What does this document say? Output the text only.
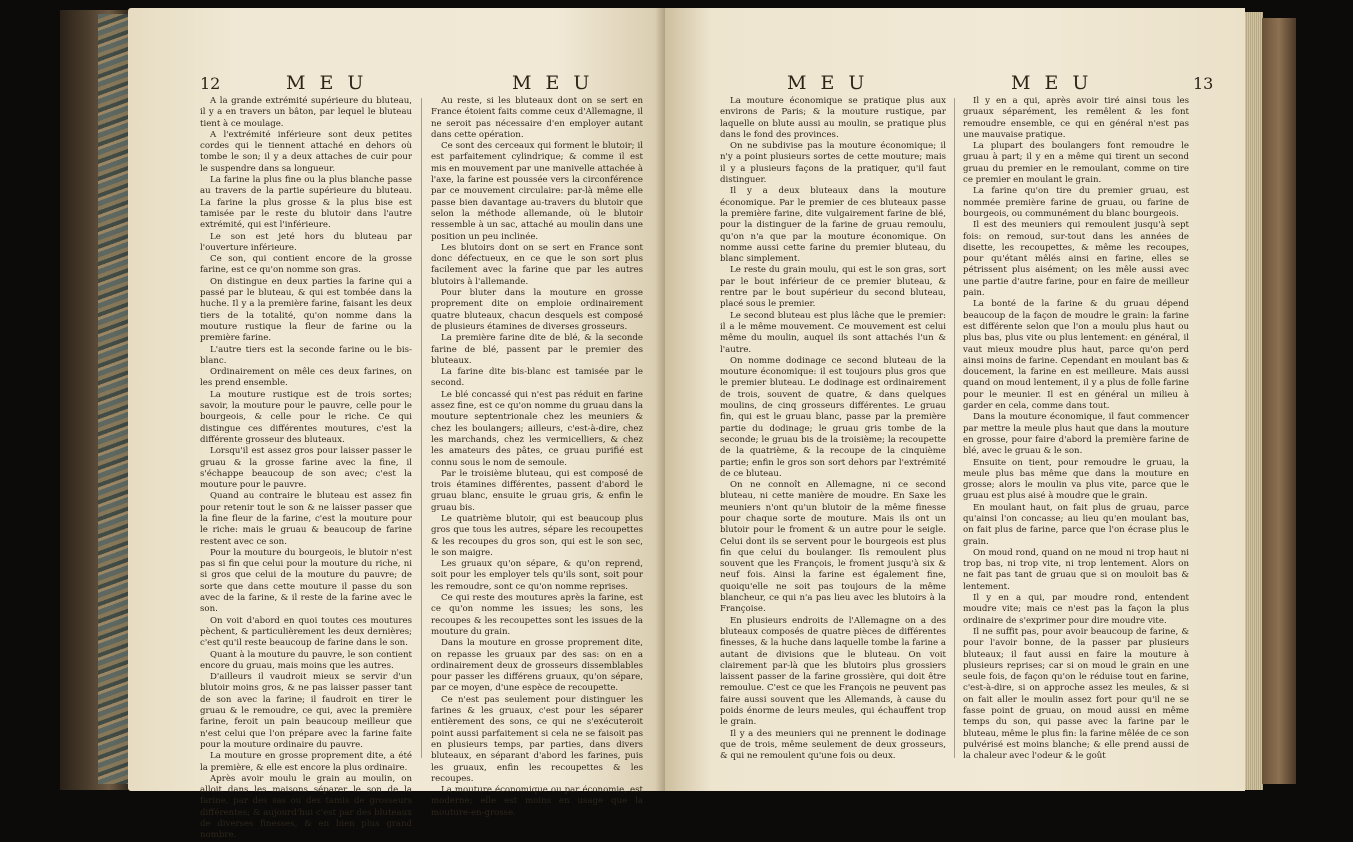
12	M E U	M E U

A la grande extrémité supérieure du bluteau, il y a en travers un bâton, par lequel le bluteau tient à ce moulage.

A l'extrémité inférieure sont deux petites cordes qui le tiennent attaché en dehors où tombe le son; il y a deux attaches de cuir pour le suspendre dans sa longueur.

La farine la plus fine ou la plus blanche passe au travers de la partie supérieure du bluteau. La farine la plus grosse & la plus bise est tamisée par le reste du blutoir dans l'autre extrémité, qui est l'inférieure.

Le son est jeté hors du bluteau par l'ouverture inférieure.

Ce son, qui contient encore de la grosse farine, est ce qu'on nomme son gras.

On distingue en deux parties la farine qui a passé par le bluteau, & qui est tombée dans la huche. Il y a la première farine, faisant les deux tiers de la totalité, qu'on nomme dans la mouture rustique la fleur de farine ou la première farine.

L'autre tiers est la seconde farine ou le bis-blanc.

Ordinairement on mêle ces deux farines, on les prend ensemble.

La mouture rustique est de trois sortes; savoir, la mouture pour le pauvre, celle pour le bourgeois, & celle pour le riche. Ce qui distingue ces différentes moutures, c'est la différente grosseur des bluteaux.

Lorsqu'il est assez gros pour laisser passer le gruau & la grosse farine avec la fine, il s'échappe beaucoup de son avec; c'est la mouture pour le pauvre.

Quand au contraire le bluteau est assez fin pour retenir tout le son & ne laisser passer que la fine fleur de la farine, c'est la mouture pour le riche: mais le gruau & beaucoup de farine restent avec ce son.

Pour la mouture du bourgeois, le blutoir n'est pas si fin que celui pour la mouture du riche, ni si gros que celui de la mouture du pauvre; de sorte que dans cette mouture il passe du son avec de la farine, & il reste de la farine avec le son.

On voit d'abord en quoi toutes ces moutures pèchent, & particulièrement les deux dernières; c'est qu'il reste beaucoup de farine dans le son.

Quant à la mouture du pauvre, le son contient encore du gruau, mais moins que les autres.

D'ailleurs il vaudroit mieux se servir d'un blutoir moins gros, & ne pas laisser passer tant de son avec la farine; il faudroit en tirer le gruau & le remoudre, ce qui, avec la première farine, feroit un pain beaucoup meilleur que n'est celui que l'on prépare avec la farine faite pour la mouture ordinaire du pauvre.

La mouture en grosse proprement dite, a été la première, & elle est encore la plus ordinaire.

Après avoir moulu le grain au moulin, on alloit dans les maisons séparer le son de la farine, par des sas ou des tamis de grosseurs différentes; & aujourd'hui c'est par des bluteaux de diverses finesses, & en bien plus grand nombre.

Au reste, si les bluteaux dont on se sert en France étoient faits comme ceux d'Allemagne, il ne seroit pas nécessaire d'en employer autant dans cette opération.

Ce sont des cerceaux qui forment le blutoir; il est parfaitement cylindrique; & comme il est mis en mouvement par une manivelle attachée à l'axe, la farine est poussée vers la circonférence par ce mouvement circulaire: par-là même elle passe bien davantage au-travers du blutoir que selon la méthode allemande, où le blutoir ressemble à un sac, attaché au moulin dans une position un peu inclinée.

Les blutoirs dont on se sert en France sont donc défectueux, en ce que le son sort plus facilement avec la farine que par les autres blutoirs à l'allemande.

Pour bluter dans la mouture en grosse proprement dite on emploie ordinairement quatre bluteaux, chacun desquels est composé de plusieurs étamines de diverses grosseurs.

La première farine dite de blé, & la seconde farine de blé, passent par le premier des bluteaux.

La farine dite bis-blanc est tamisée par le second.

Le blé concassé qui n'est pas réduit en farine assez fine, est ce qu'on nomme du gruau dans la mouture septentrionale chez les meuniers & chez les boulangers; ailleurs, c'est-à-dire, chez les marchands, chez les vermicelliers, & chez les amateurs des pâtes, ce gruau purifié est connu sous le nom de semoule.

Par le troisième bluteau, qui est composé de trois étamines différentes, passent d'abord le gruau blanc, ensuite le gruau gris, & enfin le gruau bis.

Le quatrième blutoir, qui est beaucoup plus gros que tous les autres, sépare les recoupettes & les recoupes du gros son, qui est le son sec, le son maigre.

Les gruaux qu'on sépare, & qu'on reprend, soit pour les employer tels qu'ils sont, soit pour les remoudre, sont ce qu'on nomme reprises.

Ce qui reste des moutures après la farine, est ce qu'on nomme les issues; les sons, les recoupes & les recoupettes sont les issues de la mouture du grain.

Dans la mouture en grosse proprement dite, on repasse les gruaux par des sas: on en a ordinairement deux de grosseurs dissemblables pour passer les différens gruaux, qu'on sépare, par ce moyen, d'une espèce de recoupette.

Ce n'est pas seulement pour distinguer les farines & les gruaux, c'est pour les séparer entièrement des sons, ce qui ne s'exécuteroit point aussi parfaitement si cela ne se faisoit pas en plusieurs temps, par parties, dans divers bluteaux, en séparant d'abord les farines, puis les gruaux, enfin les recoupettes & les recoupes.

La mouture économique ou par économie, est moderne; elle est moins en usage que la mouture-en-grosse.

M E U	M E U	13

La mouture économique se pratique plus aux environs de Paris; & la mouture rustique, par laquelle on blute aussi au moulin, se pratique plus dans le fond des provinces.

On ne subdivise pas la mouture économique; il n'y a point plusieurs sortes de cette mouture; mais il y a plusieurs façons de la pratiquer, qu'il faut distinguer.

Il y a deux bluteaux dans la mouture économique. Par le premier de ces bluteaux passe la première farine, dite vulgairement farine de blé, pour la distinguer de la farine de gruau remoulu, qu'on n'a que par la mouture économique. On nomme aussi cette farine du premier bluteau, du blanc simplement.

Le reste du grain moulu, qui est le son gras, sort par le bout inférieur de ce premier bluteau, & rentre par le bout supérieur du second bluteau, placé sous le premier.

Le second bluteau est plus lâche que le premier: il a le même mouvement. Ce mouvement est celui même du moulin, auquel ils sont attachés l'un & l'autre.

On nomme dodinage ce second bluteau de la mouture économique: il est toujours plus gros que le premier bluteau. Le dodinage est ordinairement de trois, souvent de quatre, & dans quelques moulins, de cinq grosseurs différentes. Le gruau fin, qui est le gruau blanc, passe par la première partie du dodinage; le gruau gris tombe de la seconde; le gruau bis de la troisième; la recoupette de la quatrième, & la recoupe de la cinquième partie; enfin le gros son sort dehors par l'extrémité de ce bluteau.

On ne connoît en Allemagne, ni ce second bluteau, ni cette manière de moudre. En Saxe les meuniers n'ont qu'un blutoir de la même finesse pour chaque sorte de mouture. Mais ils ont un blutoir pour le froment & un autre pour le seigle. Celui dont ils se servent pour le bourgeois est plus fin que celui du boulanger. Ils remoulent plus souvent que les François, le froment jusqu'à six & neuf fois. Ainsi la farine est également fine, quoiqu'elle ne soit pas toujours de la même blancheur, ce qui n'a pas lieu avec les blutoirs à la Françoise.

En plusieurs endroits de l'Allemagne on a des bluteaux composés de quatre pièces de différentes finesses, & la huche dans laquelle tombe la farine a autant de divisions que le bluteau. On voit clairement par-là que les blutoirs plus grossiers laissent passer de la farine grossière, qui doit être remoulue. C'est ce que les François ne peuvent pas faire aussi souvent que les Allemands, à cause du poids énorme de leurs meules, qui échauffent trop le grain.

Il y a des meuniers qui ne prennent le dodinage que de trois, même seulement de deux grosseurs, & qui ne remoulent qu'une fois ou deux.

Il y en a qui, après avoir tiré ainsi tous les gruaux séparément, les remêlent & les font remoudre ensemble, ce qui en général n'est pas une mauvaise pratique.

La plupart des boulangers font remoudre le gruau à part; il y en a même qui tirent un second gruau du premier en le remoulant, comme on tire ce premier en moulant le grain.

La farine qu'on tire du premier gruau, est nommée première farine de gruau, ou farine de bourgeois, ou communément du blanc bourgeois.

Il est des meuniers qui remoulent jusqu'à sept fois: on remoud, sur-tout dans les années de disette, les recoupettes, & même les recoupes, pour qu'étant mêlés ainsi en farine, elles se pétrissent plus aisément; on les mêle aussi avec une partie d'autre farine, pour en faire de meilleur pain.

La bonté de la farine & du gruau dépend beaucoup de la façon de moudre le grain: la farine est différente selon que l'on a moulu plus haut ou plus bas, plus vite ou plus lentement: en général, il vaut mieux moudre plus haut, parce qu'on perd ainsi moins de farine. Cependant en moulant bas & doucement, la farine en est meilleure. Mais aussi quand on moud lentement, il y a plus de folle farine pour le meunier. Il est en général un milieu à garder en cela, comme dans tout.

Dans la mouture économique, il faut commencer par mettre la meule plus haut que dans la mouture en grosse, pour faire d'abord la première farine de blé, avec le gruau & le son.

Ensuite on tient, pour remoudre le gruau, la meule plus bas même que dans la mouture en grosse; alors le moulin va plus vite, parce que le gruau est plus aisé à moudre que le grain.

En moulant haut, on fait plus de gruau, parce qu'ainsi l'on concasse; au lieu qu'en moulant bas, on fait plus de farine, parce que l'on écrase plus le grain.

On moud rond, quand on ne moud ni trop haut ni trop bas, ni trop vite, ni trop lentement. Alors on ne fait pas tant de gruau que si on mouloit bas & lentement.

Il y en a qui, par moudre rond, entendent moudre vite; mais ce n'est pas la façon la plus ordinaire de s'exprimer pour dire moudre vite.

Il ne suffit pas, pour avoir beaucoup de farine, & pour l'avoir bonne, de la passer par plusieurs bluteaux; il faut aussi en faire la mouture à plusieurs reprises; car si on moud le grain en une seule fois, de façon qu'on le réduise tout en farine, c'est-à-dire, si on approche assez les meules, & si on fait aller le moulin assez fort pour qu'il ne se fasse point de gruau, on moud aussi en même temps du son, qui passe avec la farine par le bluteau, même le plus fin: la farine mêlée de ce son pulvérisé est moins blanche; & elle prend aussi de la chaleur avec l'odeur & le goût
